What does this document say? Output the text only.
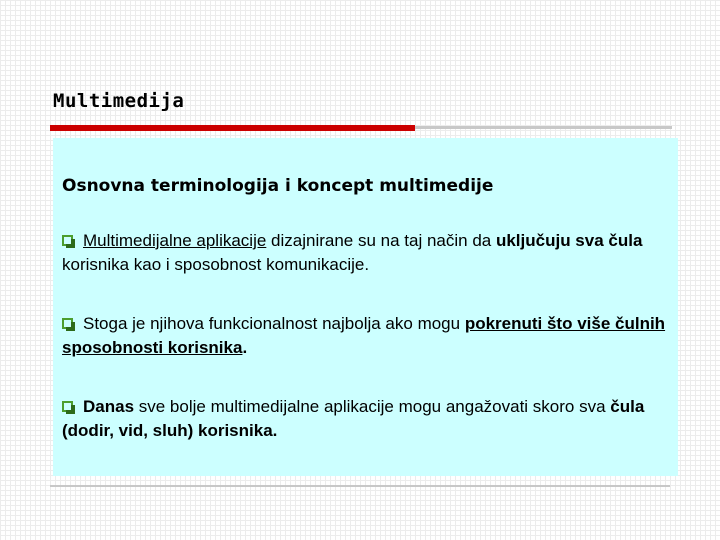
Multimedija
Osnovna terminologija i koncept multimedije
Multimedijalne aplikacije dizajnirane su na taj način da uključuju sva čula korisnika kao i sposobnost komunikacije.
Stoga je njihova funkcionalnost najbolja ako mogu pokrenuti što više čulnih sposobnosti korisnika.
Danas sve bolje multimedijalne aplikacije mogu angažovati skoro sva čula (dodir, vid, sluh) korisnika.
